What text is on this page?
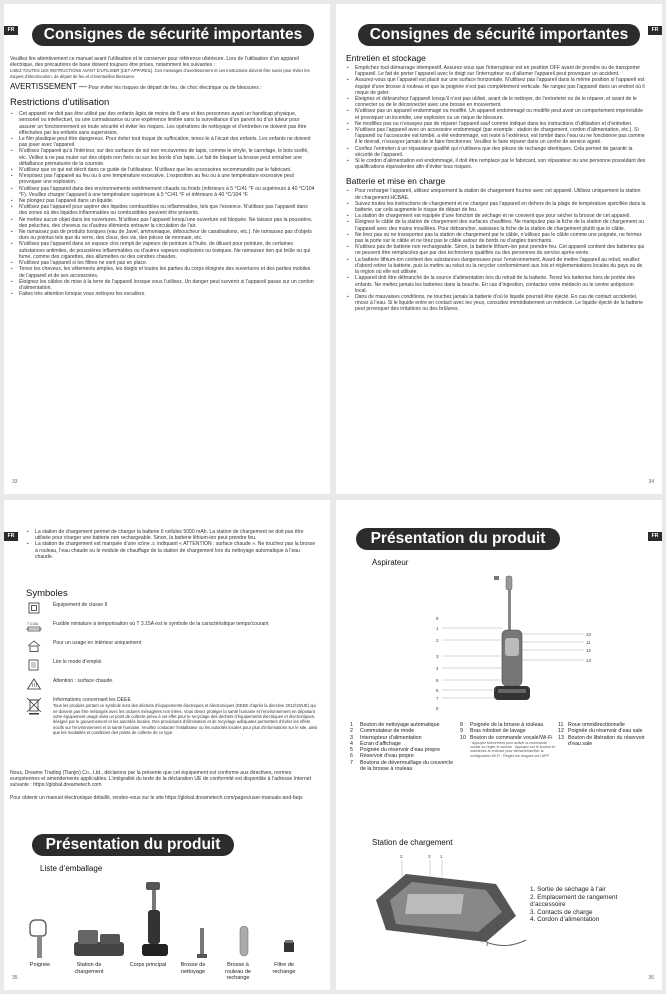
FR	Consignes de sécurité importantes

Veuillez lire attentivement ce manuel avant l’utilisation et le conserver pour référence ultérieure. Lors de l’utilisation d’un appareil électrique, des précautions de base doivent toujours être prises, notamment les suivantes :

LISEZ TOUTES LES INSTRUCTIONS AVANT D’UTILISER [CET APPAREIL]. Ces messages d’avertissement et ces instructions doivent être suivis pour éviter les risques d’électrocution, de départ de feu et d’éventuelles blessures.

AVERTISSEMENT — Pour éviter les risques de départ de feu, de choc électrique ou de blessures :
Restrictions d’utilisation
• Cet appareil ne doit pas être utilisé par des enfants âgés de moins de 8 ans et des personnes ayant un handicap physique, sensoriel ou intellectuel, ou une connaissance ou une expérience limitée sans la surveillance d’un parent ou d’un tuteur pour assurer un fonctionnement en toute sécurité et éviter les risques. Les opérations de nettoyage et d’entretien ne doivent pas être effectuées par les enfants sans supervision.
• Le film plastique peut être dangereux. Pour éviter tout risque de suffocation, tenez-le à l’écart des enfants. Les enfants ne doivent pas jouer avec l’appareil.
• N’utilisez l’appareil qu’à l’intérieur, sur des surfaces de sol non recouvertes de tapis, comme le vinyle, le carrelage, le bois scellé, etc. Veillez à ne pas rouler sur des objets non fixés ou sur les bords d’un tapis. Le fait de bloquer la brosse peut entraîner une défaillance prématurée de la courroie.
• N’utilisez que ce qui est décrit dans ce guide de l’utilisateur. N’utilisez que les accessoires recommandés par le fabricant.
• N’exposez pas l’appareil au feu ou à une température excessive. L’exposition au feu ou à une température excessive peut provoquer une explosion.
• N’utilisez pas l’appareil dans des environnements extrêmement chauds ou froids (inférieurs à 5 °C/41 °F ou supérieurs à 40 °C/104 °F). Veuillez charger l’appareil à une température supérieure à 5 °C/41 °F et inférieure à 40 °C/104 °F.
• Ne plongez pas l’appareil dans un liquide.
• N’utilisez pas l’appareil pour aspirer des liquides combustibles ou inflammables, tels que l’essence. N’utilisez pas l’appareil dans des zones où des liquides inflammables ou combustibles peuvent être présents.
• Ne mettez aucun objet dans les ouvertures. N’utilisez pas l’appareil lorsqu’une ouverture est bloquée. Ne laissez pas la poussière, des peluches, des cheveux ou d’autres éléments entraver la circulation de l’air.
• Ne ramassez pas de produits toxiques (eau de Javel, ammoniaque, déboucheur de canalisations, etc.). Ne ramassez pas d’objets durs ou pointus tels que du verre, des clous, des vis, des pièces de monnaie, etc.
• N’utilisez pas l’appareil dans un espace clos rempli de vapeurs de peinture à l’huile, de diluant pour peinture, de certaines substances antimites, de poussières inflammables ou d’autres vapeurs explosives ou toxiques. Ne ramassez rien qui brûle ou qui fume, comme des cigarettes, des allumettes ou des cendres chaudes.
• N’utilisez pas l’appareil si les filtres ne sont pas en place.
• Tenez les cheveux, les vêtements amples, les doigts et toutes les parties du corps éloignés des ouvertures et des parties mobiles de l’appareil et de ses accessoires.
• Éloignez les câbles de mise à la terre de l’appareil lorsque vous l’utilisez. Un danger peut survenir si l’appareil passe sur un cordon d’alimentation.
• Faites très attention lorsque vous nettoyez les escaliers.
33
FR
Consignes de sécurité importantes
Entretien et stockage
• Empêchez tout démarrage intempestif. Assurez-vous que l’interrupteur est en position OFF avant de prendre ou de transporter l’appareil. Le fait de porter l’appareil avec le doigt sur l’interrupteur ou d’allumer l’appareil peut provoquer un accident.
• Assurez-vous que l’appareil est placé sur une surface horizontale. N’utilisez pas l’appareil dans la même position si l’appareil est équipé d’une brosse à rouleau et que la poignée n’est pas complètement verticale. Ne rangez pas l’appareil dans un endroit où il risque de geler.
• Éteignez et débranchez l’appareil lorsqu’il n’est pas utilisé, avant de le nettoyer, de l’entretenir ou de le réparer, et avant de le connecter ou de le déconnecter avec une brosse en mouvement.
• N’utilisez pas un appareil endommagé ou modifié. Un appareil endommagé ou modifié peut avoir un comportement imprévisible et provoquer un incendie, une explosion ou un risque de blessure.
• Ne modifiez pas ou n’essayez pas de réparer l’appareil sauf comme indiqué dans les instructions d’utilisation et d’entretien.
• N’utilisez pas l’appareil avec un accessoire endommagé (par exemple : station de chargement, cordon d’alimentation, etc.). Si l’appareil ou l’accessoire est tombé, a été endommagé, est resté à l’extérieur, est tombé dans l’eau ou ne fonctionne pas comme il le devrait, n’essayez jamais de le faire fonctionner. Veuillez le faire réparer dans un centre de service agréé.
• Confiez l’entretien à un réparateur qualifié qui n’utilisera que des pièces de rechange identiques. Cela permet de garantir la sécurité de l’appareil.
• Si le cordon d’alimentation est endommagé, il doit être remplacé par le fabricant, son réparateur ou une personne possédant des qualifications équivalentes afin d’éviter tous risques.
Batterie et mise en charge
• Pour recharger l’appareil, utilisez uniquement la station de chargement fournie avec cet appareil. Utilisez uniquement la station de chargement HCBAE.
• Suivez toutes les instructions de chargement et ne chargez pas l’appareil en dehors de la plage de température spécifiée dans la batterie, car cela augmente le risque de départ de feu.
• La station de chargement est équipée d’une fonction de séchage et ne convient que pour sécher la brosse de cet appareil.
• Éloignez le câble de la station de chargement des surfaces chauffées. Ne manipulez pas la fiche de la station de chargement ou l’appareil avec des mains mouillées. Pour débrancher, saisissez la fiche de la station de chargement plutôt que le câble.
• Ne tirez pas ou ne transportez pas la station de chargement par le câble, n’utilisez pas le câble comme une poignée, ne fermez pas la porte sur le câble et ne tirez pas le câble autour de bords ou d’angles tranchants.
• N’utilisez pas de batterie non rechargeable. Sinon, la batterie lithium-ion peut prendre feu. Cet appareil contient des batteries qui ne peuvent être remplacées que par des techniciens qualifiés ou des personnes du service après-vente.
• La batterie lithium-ion contient des substances dangereuses pour l’environnement. Avant de mettre l’appareil au rebut, veuillez d’abord retirer la batterie, puis la mettre au rebut ou la recycler conformément aux lois et réglementations locales du pays ou de la région où elle est utilisée.
• L’appareil doit être débranché de la source d’alimentation lors du retrait de la batterie. Tenez les batteries hors de portée des enfants. Ne mettez jamais les batteries dans la bouche. En cas d’ingestion, contactez votre médecin ou le centre antipoison local.
• Dans de mauvaises conditions, ne touchez jamais la batterie d’où le liquide pourrait être éjecté. En cas de contact accidentel, rincez à l’eau. Si le liquide entre en contact avec les yeux, consultez immédiatement un médecin. Le liquide éjecté de la batterie peut provoquer des irritations ou des brûlures.
34
FR
• La station de chargement permet de charger la batterie 6 cellules 5000 mAh. La station de chargement ne doit pas être utilisée pour charger une batterie non rechargeable. Sinon, la batterie lithium-ion peut prendre feu.
• La station de chargement est marquée d’une icône ⚠ indiquant « ATTENTION : surface chaude ». Ne touchez pas la brosse à rouleau, l’eau chaude ou le module de chauffage de la station de chargement lors du nettoyage automatique à l’eau chaude.
Symboles
Équipement de classe II
T 3.15A	Fusible miniature à temporisation où T 3.15A est le symbole de la caractéristique temps/courant
Pour un usage en intérieur uniquement
Lire le mode d’emploi
Attention : surface chaude.
Informations concernant les DEEE
Tous les produits portant ce symbole sont des déchets d’équipements électriques et électroniques (DEEE d’après la directive 2012/19/UE) qui ne doivent pas être mélangés avec les ordures ménagères non triées. Vous devez protéger la santé humaine et l’environnement en déposant votre équipement usagé dans un point de collecte prévu à cet effet pour le recyclage des déchets d’équipements électriques et électroniques, désigné par le gouvernement et les autorités locales. Des procédures d’élimination et de recyclage adéquates permettent d’éviter les effets nocifs sur l’environnement et la santé humaine. Veuillez contacter l’installateur ou les autorités locales pour plus d’informations sur le site, ainsi que les modalités et conditions des points de collecte de ce type.

Nous, Dreame Trading (Tianjin) Co., Ltd., déclarons par la présente que cet équipement est conforme aux directives, normes européennes et amendements applicables. L’intégralité du texte de la déclaration UE de conformité est disponible à l’adresse Internet suivante : https://global.dreametech.com

Pour obtenir un manuel électronique détaillé, rendez-vous sur le site https://global.dreametech.com/pages/user-manuals-and-faqs

Présentation du produit
Liste d’emballage
Poignée	Station de chargement
Corps principal	Brosse de nettoyage
Brosse à rouleau de rechange
Filtre de rechange
35
FR
Présentation du produit
Aspirateur
1
2
3
4
5
6
7
8
9
10
11
12
13
1	Bouton de nettoyage automatique
2	Commutateur de mode
3	Interrupteur d’alimentation
4	Écran d’affichage
5	Poignée du réservoir d’eau propre
6	Réservoir d’eau propre
7	Boutons de déverrouillage du couvercle de la brosse à rouleau
8	Poignée de la brosse à rouleau
9	Bras robotisé de lavage
10 Bouton de commande vocale/Wi-Fi
· Appuyez brièvement pour activer la commande vocale ou régler le volume · Appuyez sur le bouton et maintenez-le enfoncé pour démarrer/arrêter la configuration Wi-Fi · Réglez les langues via l’APP
11 Roue omnidirectionnelle
12 Poignée du réservoir d’eau sale
13 Bouton de libération du réservoir d’eau sale
Station de chargement
2	3 1
4
1. Sortie de séchage à l’air
2. Emplacement de rangement d’accessoire
3. Contacts de charge
4. Cordon d’alimentation
36
